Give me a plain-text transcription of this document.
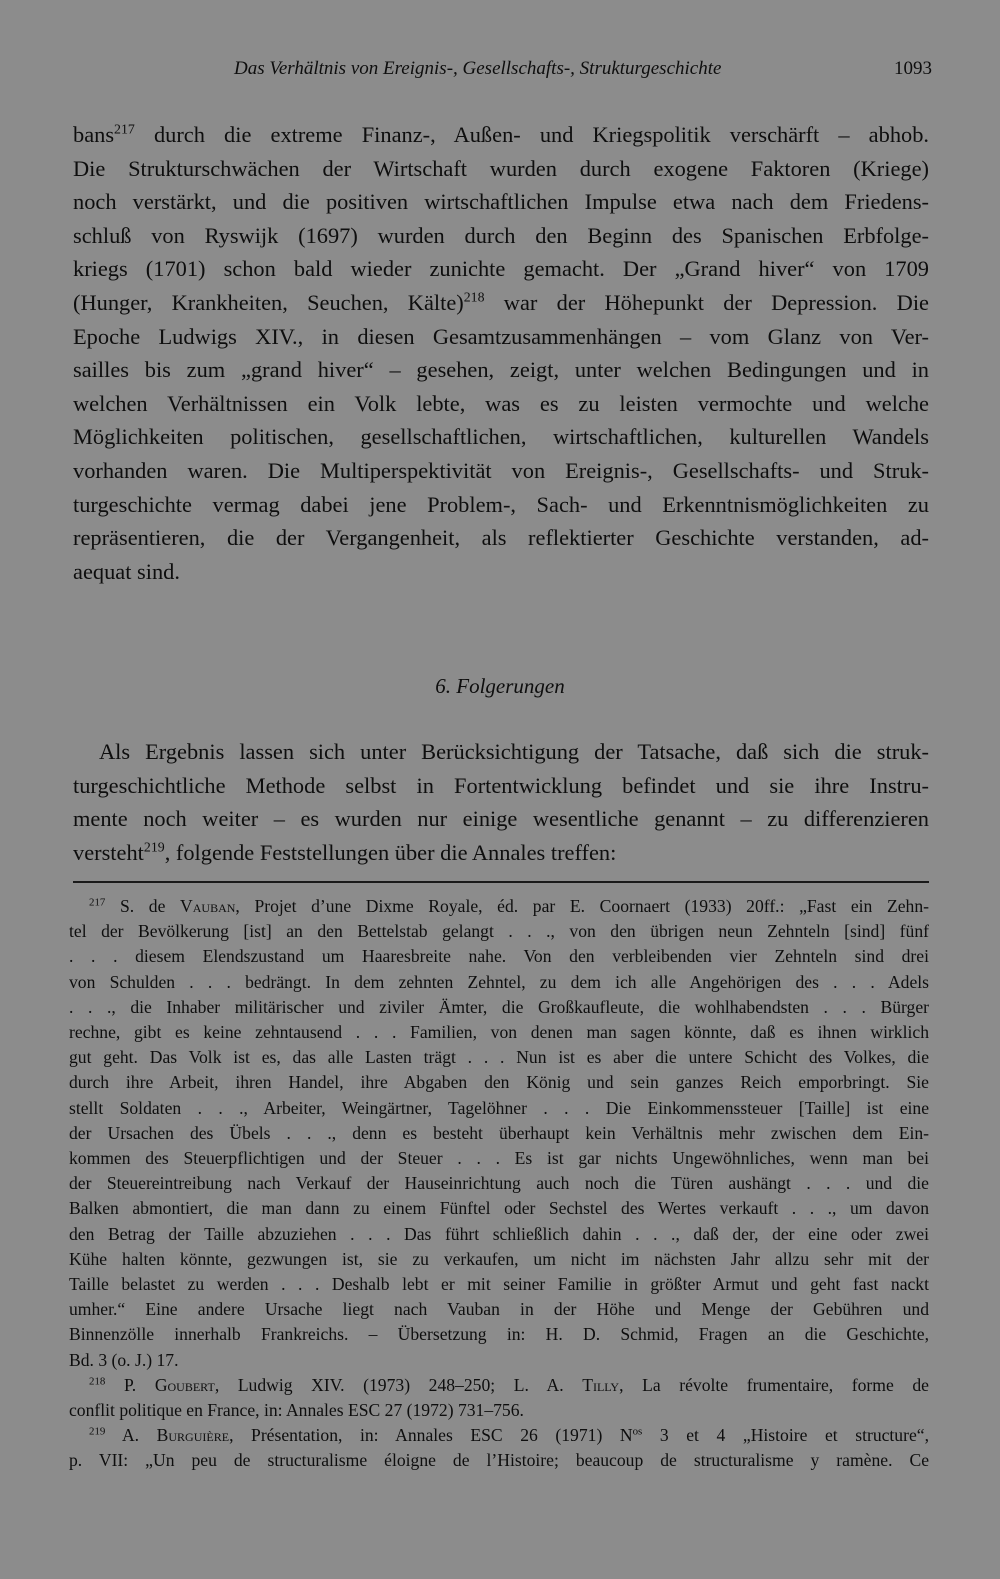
Das Verhältnis von Ereignis-, Gesellschafts-, Strukturgeschichte	1093
bans$^{217}$ durch die extreme Finanz-, Außen- und Kriegspolitik verschärft – abhob.
Die Strukturschwächen der Wirtschaft wurden durch exogene Faktoren (Kriege)
noch verstärkt, und die positiven wirtschaftlichen Impulse etwa nach dem Friedens-
schluß von Ryswijk (1697) wurden durch den Beginn des Spanischen Erbfolge-
kriegs (1701) schon bald wieder zunichte gemacht. Der „Grand hiver“ von 1709
(Hunger, Krankheiten, Seuchen, Kälte)$^{218}$ war der Höhepunkt der Depression. Die
Epoche Ludwigs XIV., in diesen Gesamtzusammenhängen – vom Glanz von Ver-
sailles bis zum „grand hiver“ – gesehen, zeigt, unter welchen Bedingungen und in
welchen Verhältnissen ein Volk lebte, was es zu leisten vermochte und welche
Möglichkeiten politischen, gesellschaftlichen, wirtschaftlichen, kulturellen Wandels
vorhanden waren. Die Multiperspektivität von Ereignis-, Gesellschafts- und Struk-
turgeschichte vermag dabei jene Problem-, Sach- und Erkenntnismöglichkeiten zu
repräsentieren, die der Vergangenheit, als reflektierter Geschichte verstanden, ad-
aequat sind.
6. Folgerungen
Als Ergebnis lassen sich unter Berücksichtigung der Tatsache, daß sich die struk-
turgeschichtliche Methode selbst in Fortentwicklung befindet und sie ihre Instru-
mente noch weiter – es wurden nur einige wesentliche genannt – zu differenzieren
versteht$^{219}$, folgende Feststellungen über die Annales treffen:
$^{217}$ S. de Vauban, Projet d’une Dixme Royale, éd. par E. Coornaert (1933) 20ff.: „Fast ein Zehn-
tel der Bevölkerung [ist] an den Bettelstab gelangt . . ., von den übrigen neun Zehnteln [sind] fünf
. . . diesem Elendszustand um Haaresbreite nahe. Von den verbleibenden vier Zehnteln sind drei
von Schulden . . . bedrängt. In dem zehnten Zehntel, zu dem ich alle Angehörigen des . . . Adels
. . ., die Inhaber militärischer und ziviler Ämter, die Großkaufleute, die wohlhabendsten . . . Bürger
rechne, gibt es keine zehntausend . . . Familien, von denen man sagen könnte, daß es ihnen wirklich
gut geht. Das Volk ist es, das alle Lasten trägt . . . Nun ist es aber die untere Schicht des Volkes, die
durch ihre Arbeit, ihren Handel, ihre Abgaben den König und sein ganzes Reich emporbringt. Sie
stellt Soldaten . . ., Arbeiter, Weingärtner, Tagelöhner . . . Die Einkommenssteuer [Taille] ist eine
der Ursachen des Übels . . ., denn es besteht überhaupt kein Verhältnis mehr zwischen dem Ein-
kommen des Steuerpflichtigen und der Steuer . . . Es ist gar nichts Ungewöhnliches, wenn man bei
der Steuereintreibung nach Verkauf der Hauseinrichtung auch noch die Türen aushängt . . . und die
Balken abmontiert, die man dann zu einem Fünftel oder Sechstel des Wertes verkauft . . ., um davon
den Betrag der Taille abzuziehen . . . Das führt schließlich dahin . . ., daß der, der eine oder zwei
Kühe halten könnte, gezwungen ist, sie zu verkaufen, um nicht im nächsten Jahr allzu sehr mit der
Taille belastet zu werden . . . Deshalb lebt er mit seiner Familie in größter Armut und geht fast nackt
umher.“ Eine andere Ursache liegt nach Vauban in der Höhe und Menge der Gebühren und
Binnenzölle innerhalb Frankreichs. – Übersetzung in: H. D. Schmid, Fragen an die Geschichte,
Bd. 3 (o. J.) 17.
$^{218}$ P. Goubert, Ludwig XIV. (1973) 248–250; L. A. Tilly, La révolte frumentaire, forme de
conflit politique en France, in: Annales ESC 27 (1972) 731–756.
$^{219}$ A. Burguière, Présentation, in: Annales ESC 26 (1971) $N^{os}$ 3 et 4 „Histoire et structure“,
p. VII: „Un peu de structuralisme éloigne de l’Histoire; beaucoup de structuralisme y ramène. Ce
